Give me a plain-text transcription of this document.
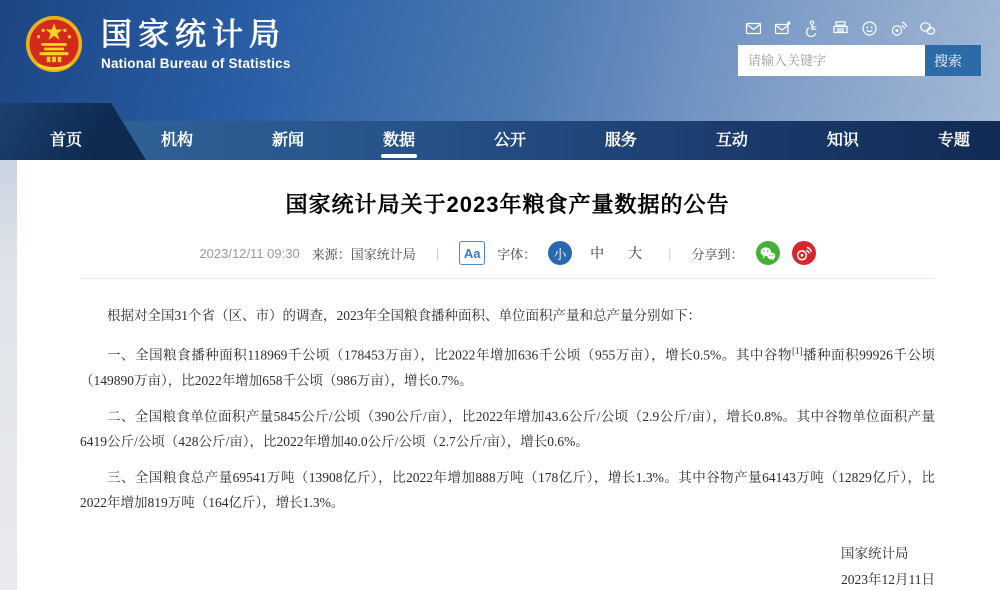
国家统计局
National Bureau of Statistics
请输入关键字	搜索
首页	机构	新闻	数据	公开	服务	互动	知识	专题
国家统计局关于2023年粮食产量数据的公告
2023/12/11 09:30 来源：国家统计局	|	Aa	字体：	小	中	大	|	分享到：

根据对全国31个省（区、市）的调查，2023年全国粮食播种面积、单位面积产量和总产量分别如下：

一、全国粮食播种面积118969千公顷（178453万亩），比2022年增加636千公顷（955万亩），增长0.5%。其中谷物[1]播种面积99926千公顷（149890万亩），比2022年增加658千公顷（986万亩），增长0.7%。

二、全国粮食单位面积产量5845公斤/公顷（390公斤/亩），比2022年增加43.6公斤/公顷（2.9公斤/亩），增长0.8%。其中谷物单位面积产量6419公斤/公顷（428公斤/亩），比2022年增加40.0公斤/公顷（2.7公斤/亩），增长0.6%。

三、全国粮食总产量69541万吨（13908亿斤），比2022年增加888万吨（178亿斤），增长1.3%。其中谷物产量64143万吨（12829亿斤），比2022年增加819万吨（164亿斤），增长1.3%。

国家统计局
2023年12月11日
